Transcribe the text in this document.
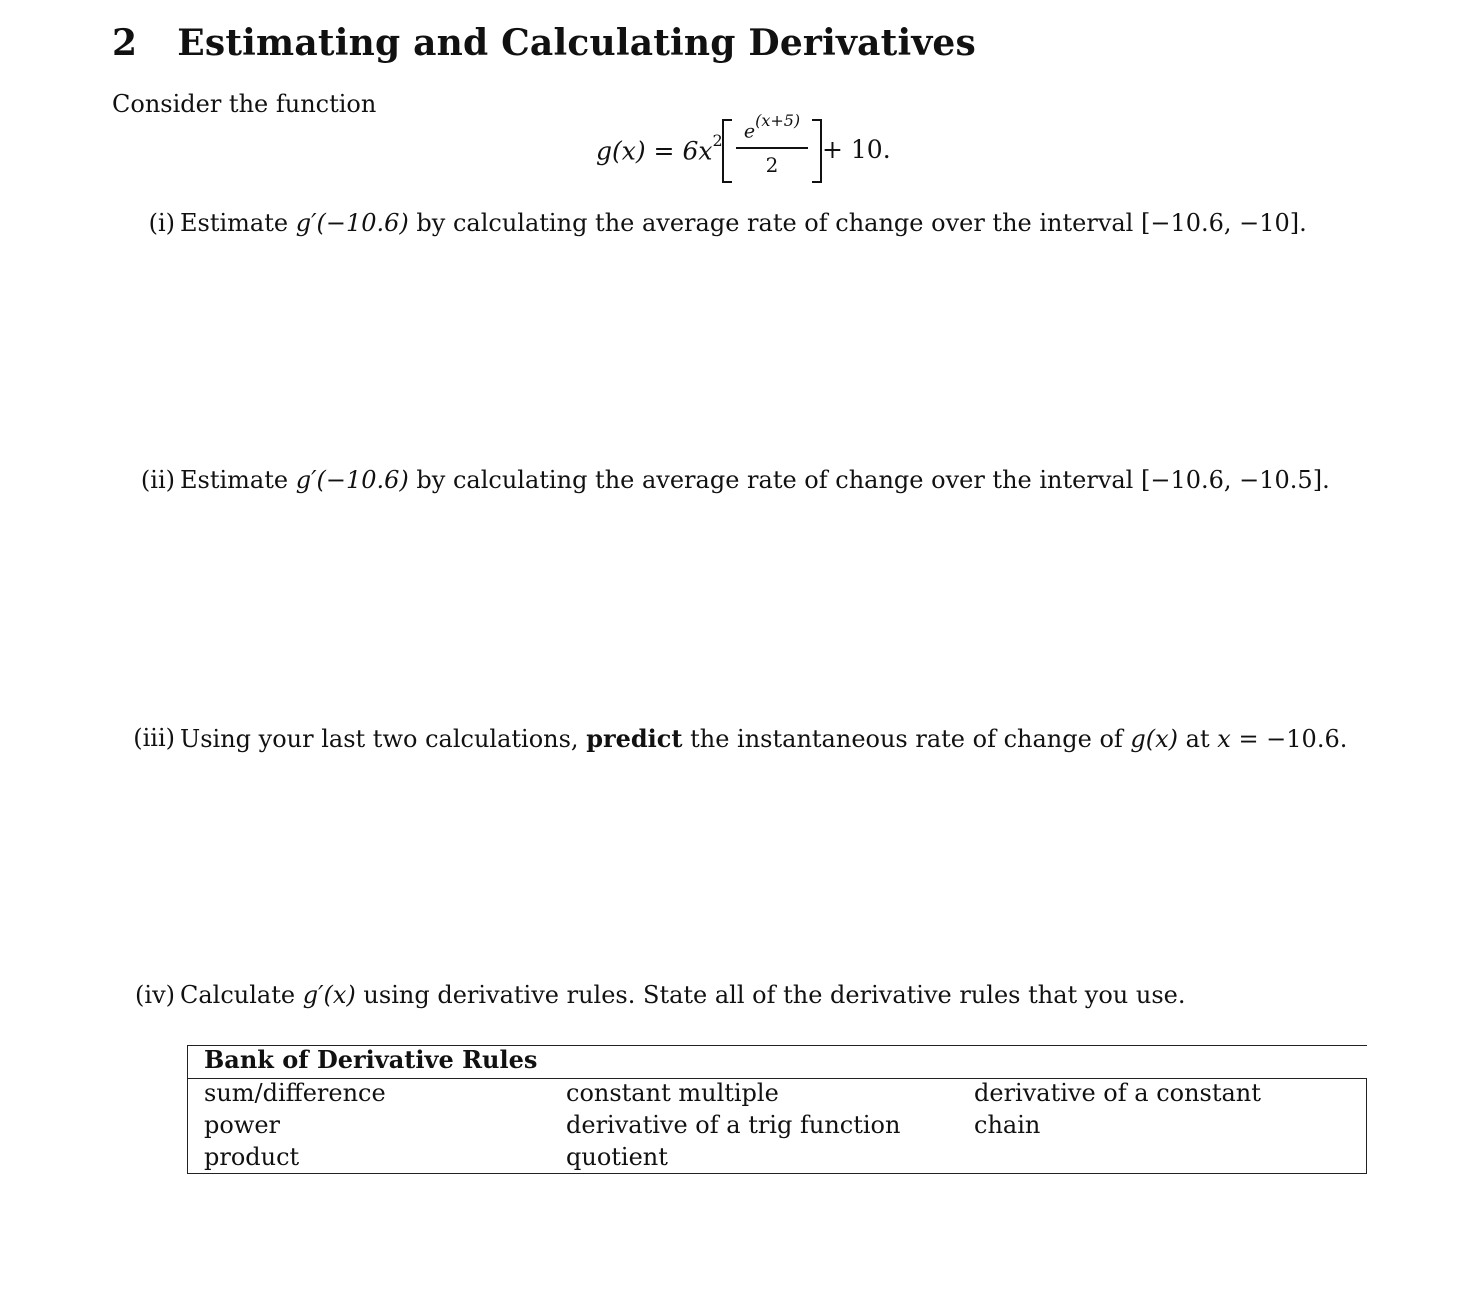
2 Estimating and Calculating Derivatives
Consider the function
$g(x) = 6x^2$	$e^{(x+5)}$
2
+ 10.
(i) Estimate g′(−10.6) by calculating the average rate of change over the interval [−10.6, −10].
(ii) Estimate g′(−10.6) by calculating the average rate of change over the interval [−10.6, −10.5].
(iii) Using your last two calculations, predict the instantaneous rate of change of g(x) at x = −10.6.
(iv) Calculate g′(x) using derivative rules. State all of the derivative rules that you use.
Bank of Derivative Rules
sum/difference
power
product
constant multiple
derivative of a trig function
quotient
derivative of a constant
chain
